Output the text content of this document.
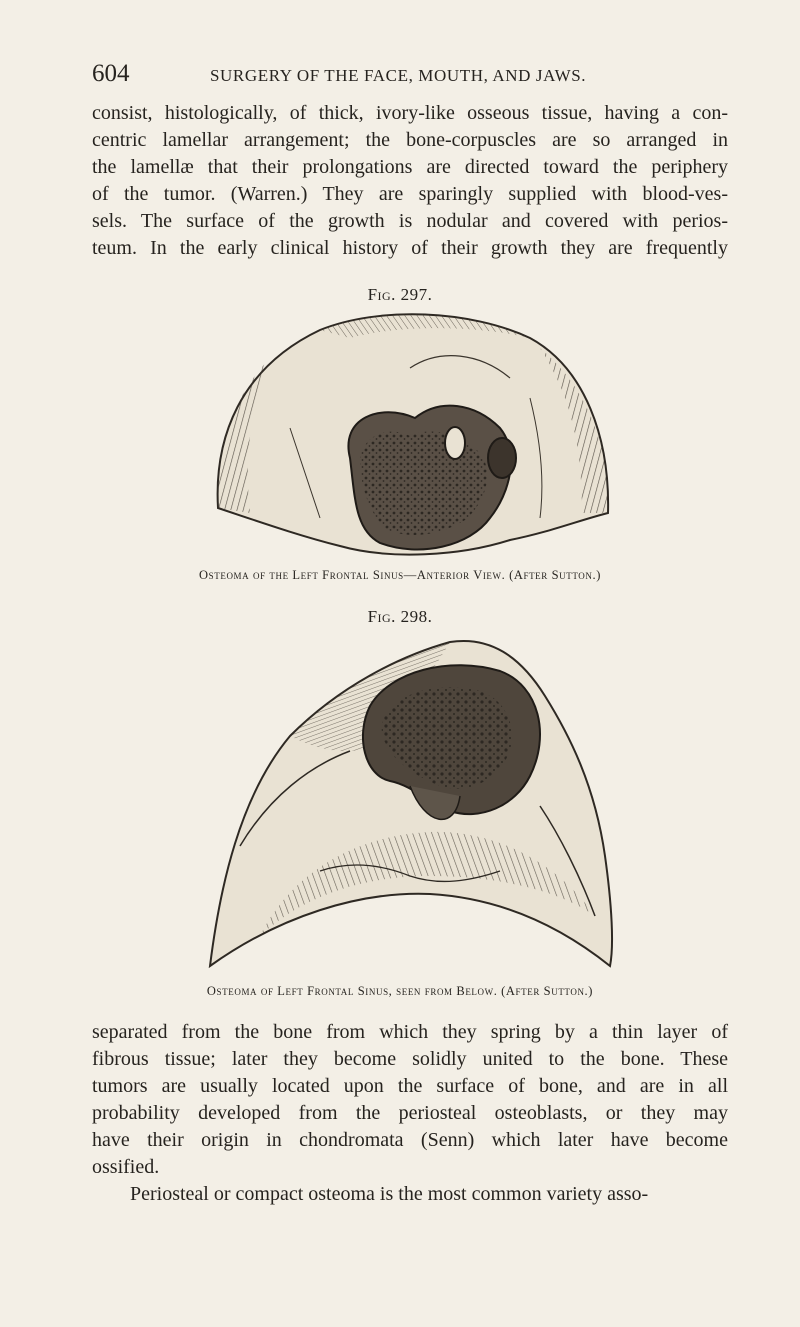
604	SURGERY OF THE FACE, MOUTH, AND JAWS.
consist, histologically, of thick, ivory-like osseous tissue, having a con-
centric lamellar arrangement; the bone-corpuscles are so arranged in
the lamellæ that their prolongations are directed toward the periphery
of the tumor. (Warren.) They are sparingly supplied with blood-ves-
sels. The surface of the growth is nodular and covered with perios-
teum. In the early clinical history of their growth they are frequently
Fig. 297.
Osteoma of the Left Frontal Sinus—Anterior View. (After Sutton.)
Fig. 298.
Osteoma of Left Frontal Sinus, seen from Below. (After Sutton.)
separated from the bone from which they spring by a thin layer of
fibrous tissue; later they become solidly united to the bone. These
tumors are usually located upon the surface of bone, and are in all
probability developed from the periosteal osteoblasts, or they may
have their origin in chondromata (Senn) which later have become
ossified.
Periosteal or compact osteoma is the most common variety asso-
